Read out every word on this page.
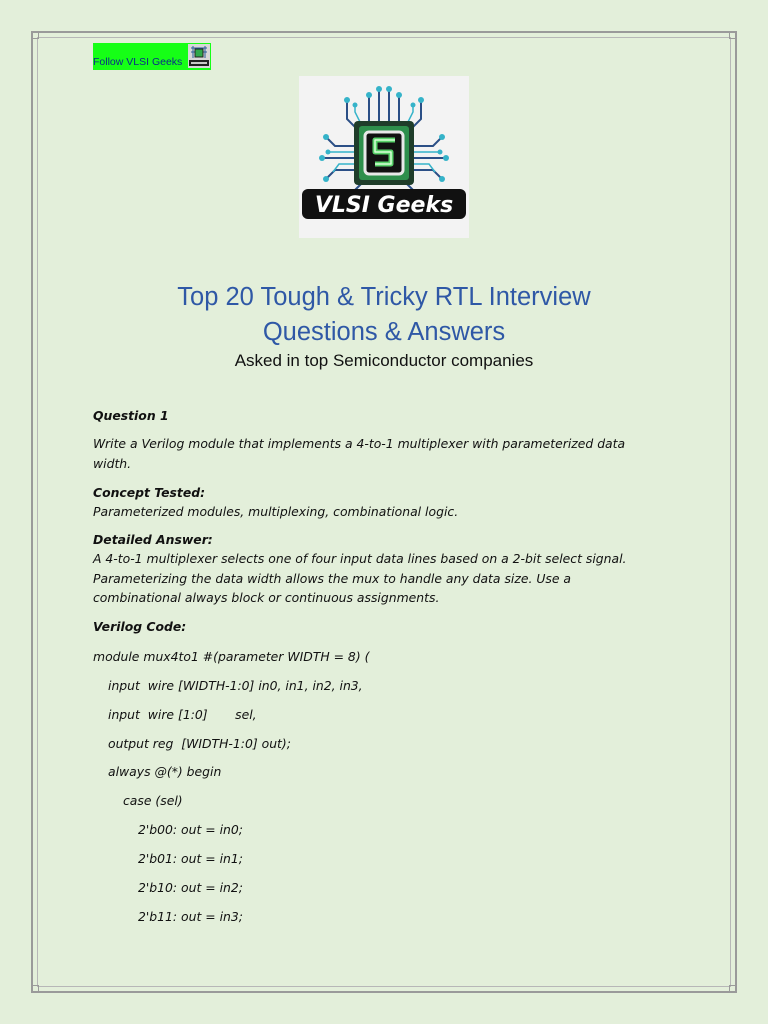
Follow VLSI Geeks
VLSI Geeks
Top 20 Tough & Tricky RTL Interview
Questions & Answers
Asked in top Semiconductor companies
Question 1
Write a Verilog module that implements a 4-to-1 multiplexer with parameterized data
width.
Concept Tested:
Parameterized modules, multiplexing, combinational logic.
Detailed Answer:
A 4-to-1 multiplexer selects one of four input data lines based on a 2-bit select signal.
Parameterizing the data width allows the mux to handle any data size. Use a
combinational always block or continuous assignments.
Verilog Code:
module mux4to1 #(parameter WIDTH = 8) (
input  wire [WIDTH-1:0] in0, in1, in2, in3,
input  wire [1:0]       sel,
output reg  [WIDTH-1:0] out);
always @(*) begin
case (sel)
2'b00: out = in0;
2'b01: out = in1;
2'b10: out = in2;
2'b11: out = in3;
